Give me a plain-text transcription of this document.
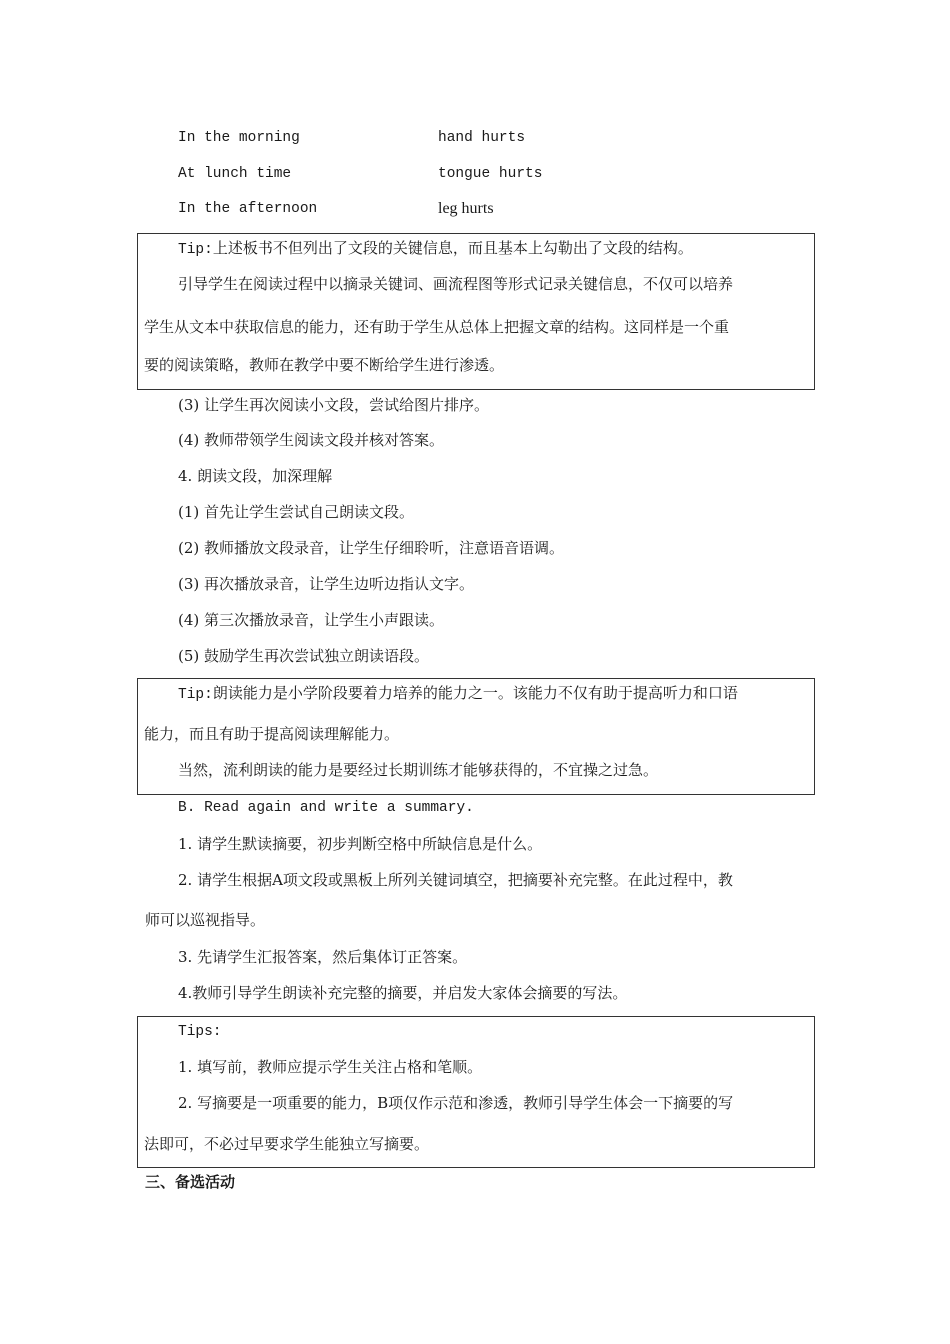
In the morning	hand hurts
At lunch time	tongue hurts
In the afternoon	leg hurts
Tip:上述板书不但列出了文段的关键信息，而且基本上勾勒出了文段的结构。
引导学生在阅读过程中以摘录关键词、画流程图等形式记录关键信息，不仅可以培养
学生从文本中获取信息的能力，还有助于学生从总体上把握文章的结构。这同样是一个重
要的阅读策略，教师在教学中要不断给学生进行渗透。
(3) 让学生再次阅读小文段，尝试给图片排序。
(4) 教师带领学生阅读文段并核对答案。
4. 朗读文段，加深理解
(1) 首先让学生尝试自己朗读文段。
(2) 教师播放文段录音，让学生仔细聆听，注意语音语调。
(3) 再次播放录音，让学生边听边指认文字。
(4) 第三次播放录音，让学生小声跟读。
(5) 鼓励学生再次尝试独立朗读语段。
Tip:朗读能力是小学阶段要着力培养的能力之一。该能力不仅有助于提高听力和口语
能力，而且有助于提高阅读理解能力。
当然，流利朗读的能力是要经过长期训练才能够获得的，不宜操之过急。
B. Read again and write a summary.
1. 请学生默读摘要，初步判断空格中所缺信息是什么。
2. 请学生根据A项文段或黑板上所列关键词填空，把摘要补充完整。在此过程中，教
师可以巡视指导。
3. 先请学生汇报答案，然后集体订正答案。
4.教师引导学生朗读补充完整的摘要，并启发大家体会摘要的写法。
Tips:
1. 填写前，教师应提示学生关注占格和笔顺。
2. 写摘要是一项重要的能力，B项仅作示范和渗透，教师引导学生体会一下摘要的写
法即可，不必过早要求学生能独立写摘要。
三、备选活动
